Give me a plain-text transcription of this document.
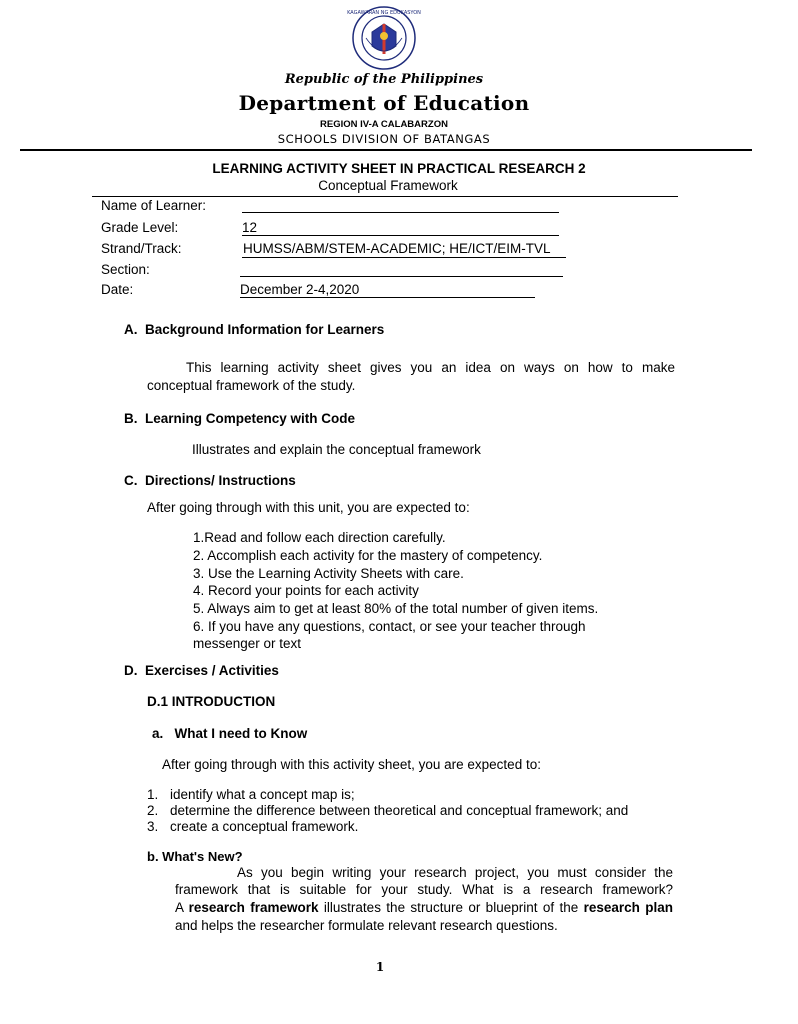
KAGAWARAN NG EDUKASYON
Republic of the Philippines
Department of Education
REGION IV-A CALABARZON
SCHOOLS DIVISION OF BATANGAS
LEARNING ACTIVITY SHEET IN PRACTICAL RESEARCH 2
Conceptual Framework
Name of Learner:
Grade Level:	12
Strand/Track:	HUMSS/ABM/STEM-ACADEMIC; HE/ICT/EIM-TVL
Section:
Date:	December 2-4,2020
A.  Background Information for Learners
This learning activity sheet gives you an idea on ways on how to make
conceptual framework of the study.
B.  Learning Competency with Code
Illustrates and explain the conceptual framework
C.  Directions/ Instructions
After going through with this unit, you are expected to:
1.Read and follow each direction carefully.
2. Accomplish each activity for the mastery of competency.
3. Use the Learning Activity Sheets with care.
4. Record your points for each activity
5. Always aim to get at least 80% of the total number of given items.
6. If you have any questions, contact, or see your teacher through
messenger or text
D.  Exercises / Activities
D.1 INTRODUCTION
a.   What I need to Know
After going through with this activity sheet, you are expected to:
1. identify what a concept map is;
2. determine the difference between theoretical and conceptual framework; and
3. create a conceptual framework.
b. What's New?
As you begin writing your research project, you must consider the
framework that is suitable for your study. What is a research framework?
A research framework illustrates the structure or blueprint of the research plan
and helps the researcher formulate relevant research questions.
1
